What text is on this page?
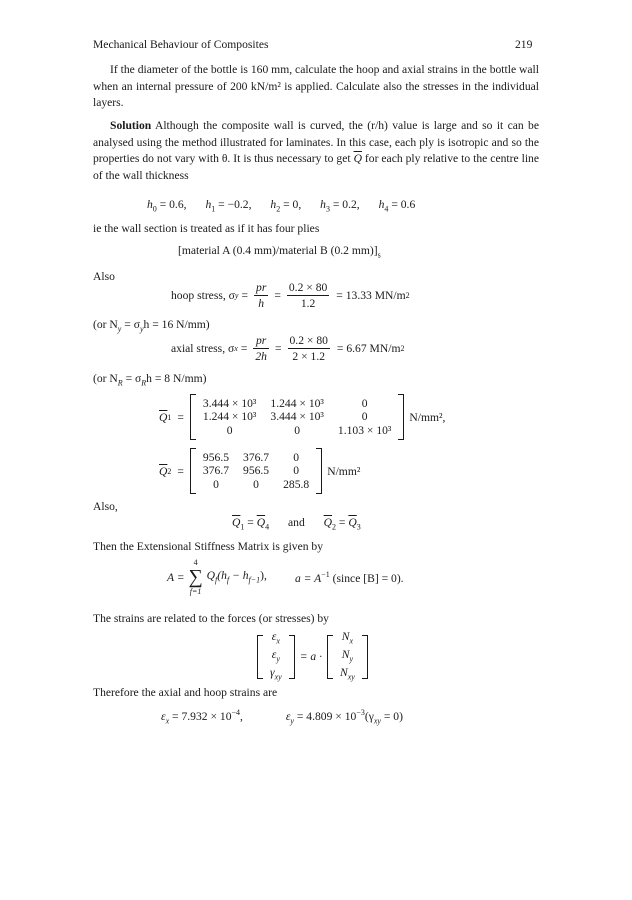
Mechanical Behaviour of Composites	219
If the diameter of the bottle is 160 mm, calculate the hoop and axial strains in the bottle wall when an internal pressure of 200 kN/m² is applied. Calculate also the stresses in the individual layers.
Solution Although the composite wall is curved, the (r/h) value is large and so it can be analysed using the method illustrated for laminates. In this case, each ply is isotropic and so the properties do not vary with θ. It is thus necessary to get $\overline{Q}$ for each ply relative to the centre line of the wall thickness
$h_0 = 0.6$, $h_1 = -0.2$, $h_2 = 0$, $h_3 = 0.2$, $h_4 = 0.6$
ie the wall section is treated as if it has four plies
[material A (0.4 mm)/material B (0.2 $mm)]_s$
Also
hoop stress, σ $y = \frac{pr}{h} = \frac{0.2 \times 80}{1.2} = 13.33$ MN/m 2
(or $N_y = \sigma_yh = 16$ N/mm)
axial stress, σ $x = \frac{pr}{2h} = \frac{0.2 \times 80}{2 \times 1.2} = 6.67$ MN/m 2
(or $N_R = \sigma_Rh = 8$ N/mm)
$\overline{Q}$ 1 =
3.444 × 10³	1.244 × 10³	0
1.244 × 10³	3.444 × 10³	0
0	0	1.103 × 10³
N/mm²,
$\overline{Q}$ 2 =
956.5	376.7	0
376.7	956.5	0
0	0	285.8
N/mm²
Also,
$\overline{Q}_1 = \overline{Q}_4$ and $\overline{Q}_2 = \overline{Q}_3$
Then the Extensional Stiffness Matrix is given by
A =
4
∑
f=1
$Q_f(h_f - h_{f-1})$, $a = A^{-1}$ (since [B] = 0).
The strains are related to the forces (or stresses) by
$\varepsilon_x$
$\varepsilon_y$
$\gamma_{xy}$
= a ·
$N_x$
$N_y$
$N_{xy}$
Therefore the axial and hoop strains are
$\varepsilon_x = 7.932 \times 10^{-4}$,	$\varepsilon_y = 4.809 \times 10^{-3}(\gamma_{xy} = 0)$
